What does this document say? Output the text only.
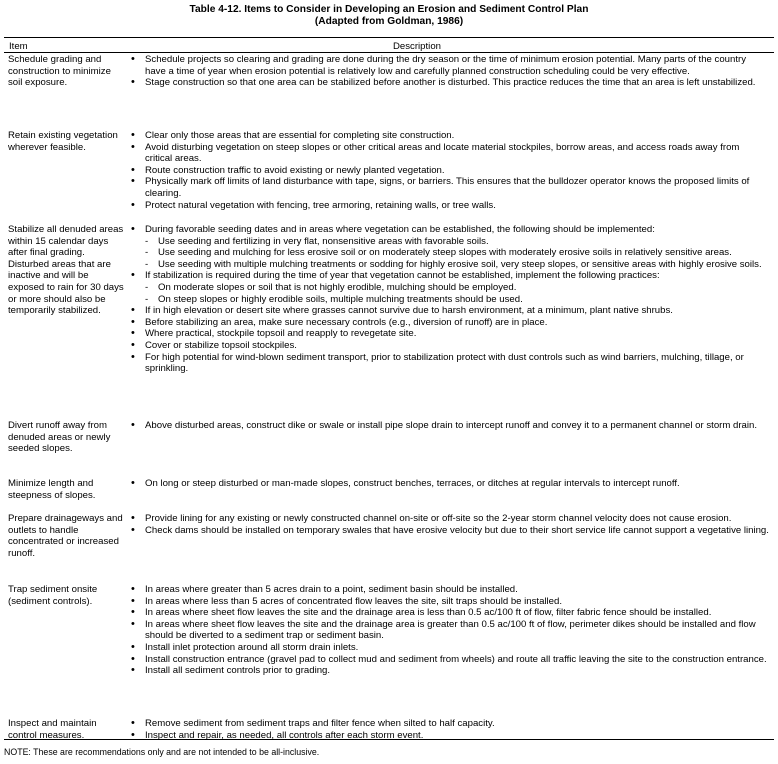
Table 4-12. Items to Consider in Developing an Erosion and Sediment Control Plan
(Adapted from Goldman, 1986)
Item	Description
Schedule grading and construction to minimize soil exposure.
• Schedule projects so clearing and grading are done during the dry season or the time of minimum erosion potential. Many parts of the country have a time of year when erosion potential is relatively low and carefully planned construction scheduling could be very effective.
• Stage construction so that one area can be stabilized before another is disturbed. This practice reduces the time that an area is left unstabilized.
Retain existing vegetation wherever feasible.
• Clear only those areas that are essential for completing site construction.
• Avoid disturbing vegetation on steep slopes or other critical areas and locate material stockpiles, borrow areas, and access roads away from critical areas.
• Route construction traffic to avoid existing or newly planted vegetation.
• Physically mark off limits of land disturbance with tape, signs, or barriers. This ensures that the bulldozer operator knows the proposed limits of clearing.
• Protect natural vegetation with fencing, tree armoring, retaining walls, or tree walls.
Stabilize all denuded areas within 15 calendar days after final grading. Disturbed areas that are inactive and will be exposed to rain for 30 days or more should also be temporarily stabilized.
• During favorable seeding dates and in areas where vegetation can be established, the following should be implemented:
- Use seeding and fertilizing in very flat, nonsensitive areas with favorable soils.
- Use seeding and mulching for less erosive soil or on moderately steep slopes with moderately erosive soils in relatively sensitive areas.
- Use seeding with multiple mulching treatments or sodding for highly erosive soil, very steep slopes, or sensitive areas with highly erosive soils.
• If stabilization is required during the time of year that vegetation cannot be established, implement the following practices:
- On moderate slopes or soil that is not highly erodible, mulching should be employed.
- On steep slopes or highly erodible soils, multiple mulching treatments should be used.
• If in high elevation or desert site where grasses cannot survive due to harsh environment, at a minimum, plant native shrubs.
• Before stabilizing an area, make sure necessary controls (e.g., diversion of runoff) are in place.
• Where practical, stockpile topsoil and reapply to revegetate site.
• Cover or stabilize topsoil stockpiles.
• For high potential for wind-blown sediment transport, prior to stabilization protect with dust controls such as wind barriers, mulching, tillage, or sprinkling.
Divert runoff away from denuded areas or newly seeded slopes.
• Above disturbed areas, construct dike or swale or install pipe slope drain to intercept runoff and convey it to a permanent channel or storm drain.
Minimize length and steepness of slopes.
• On long or steep disturbed or man-made slopes, construct benches, terraces, or ditches at regular intervals to intercept runoff.
Prepare drainageways and outlets to handle concentrated or increased runoff.
• Provide lining for any existing or newly constructed channel on-site or off-site so the 2-year storm channel velocity does not cause erosion.
• Check dams should be installed on temporary swales that have erosive velocity but due to their short service life cannot support a vegetative lining.
Trap sediment onsite (sediment controls).
• In areas where greater than 5 acres drain to a point, sediment basin should be installed.
• In areas where less than 5 acres of concentrated flow leaves the site, silt traps should be installed.
• In areas where sheet flow leaves the site and the drainage area is less than 0.5 ac/100 ft of flow, filter fabric fence should be installed.
• In areas where sheet flow leaves the site and the drainage area is greater than 0.5 ac/100 ft of flow, perimeter dikes should be installed and flow should be diverted to a sediment trap or sediment basin.
• Install inlet protection around all storm drain inlets.
• Install construction entrance (gravel pad to collect mud and sediment from wheels) and route all traffic leaving the site to the construction entrance.
• Install all sediment controls prior to grading.
Inspect and maintain control measures.
• Remove sediment from sediment traps and filter fence when silted to half capacity.
• Inspect and repair, as needed, all controls after each storm event.
NOTE: These are recommendations only and are not intended to be all-inclusive.
